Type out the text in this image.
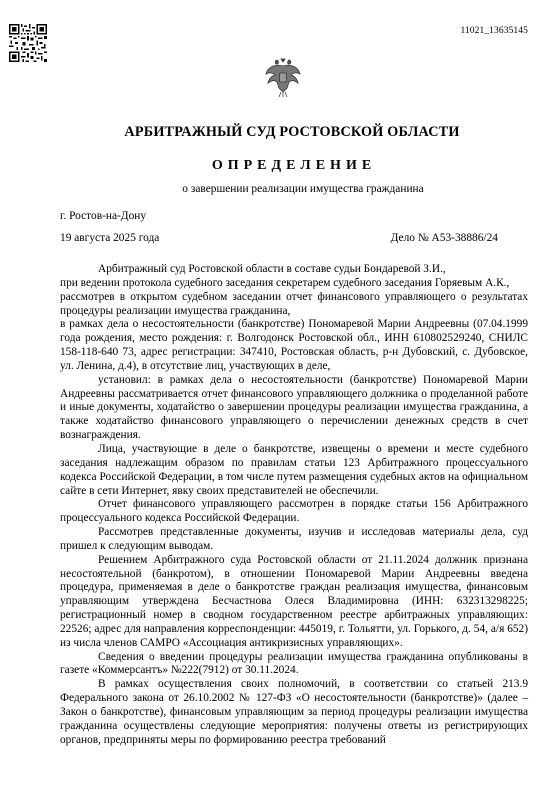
11021_13635145
АРБИТРАЖНЫЙ СУД РОСТОВСКОЙ ОБЛАСТИ
ОПРЕДЕЛЕНИЕ
о завершении реализации имущества гражданина
г. Ростов-на-Дону
19 августа 2025 года	Дело № А53-38886/24

Арбитражный суд Ростовской области в составе судьи Бондаревой З.И.,

при ведении протокола судебного заседания секретарем судебного заседания Горяевым А.К.,

рассмотрев в открытом судебном заседании отчет финансового управляющего о результатах процедуры реализации имущества гражданина,

в рамках дела о несостоятельности (банкротстве) Пономаревой Марии Андреевны (07.04.1999 года рождения, место рождения: г. Волгодонск Ростовской обл., ИНН 610802529240, СНИЛС 158-118-640 73, адрес регистрации: 347410, Ростовская область, р-н Дубовский, с. Дубовское, ул. Ленина, д.4), в отсутствие лиц, участвующих в деле,

установил: в рамках дела о несостоятельности (банкротстве) Пономаревой Марии Андреевны рассматривается отчет финансового управляющего должника о проделанной работе и иные документы, ходатайство о завершении процедуры реализации имущества гражданина, а также ходатайство финансового управляющего о перечислении денежных средств в счет вознаграждения.

Лица, участвующие в деле о банкротстве, извещены о времени и месте судебного заседания надлежащим образом по правилам статьи 123 Арбитражного процессуального кодекса Российской Федерации, в том числе путем размещения судебных актов на официальном сайте в сети Интернет, явку своих представителей не обеспечили.

Отчет финансового управляющего рассмотрен в порядке статьи 156 Арбитражного процессуального кодекса Российской Федерации.

Рассмотрев представленные документы, изучив и исследовав материалы дела, суд пришел к следующим выводам.

Решением Арбитражного суда Ростовской области от 21.11.2024 должник признана несостоятельной (банкротом), в отношении Пономаревой Марии Андреевны введена процедура, применяемая в деле о банкротстве граждан реализация имущества, финансовым управляющим утверждена Бесчастнова Олеся Владимировна (ИНН: 632313298225; регистрационный номер в сводном государственном реестре арбитражных управляющих: 22526; адрес для направления корреспонденции: 445019, г. Тольятти, ул. Горького, д. 54, а/я 652) из числа членов САМРО «Ассоциация антикризисных управляющих».

Сведения о введении процедуры реализации имущества гражданина опубликованы в газете «Коммерсантъ» №222(7912) от 30.11.2024.

В рамках осуществления своих полномочий, в соответствии со статьей 213.9 Федерального закона от 26.10.2002 № 127-ФЗ «О несостоятельности (банкротстве)» (далее – Закон о банкротстве), финансовым управляющим за период процедуры реализации имущества гражданина осуществлены следующие мероприятия: получены ответы из регистрирующих органов, предприняты меры по формированию реестра требований
